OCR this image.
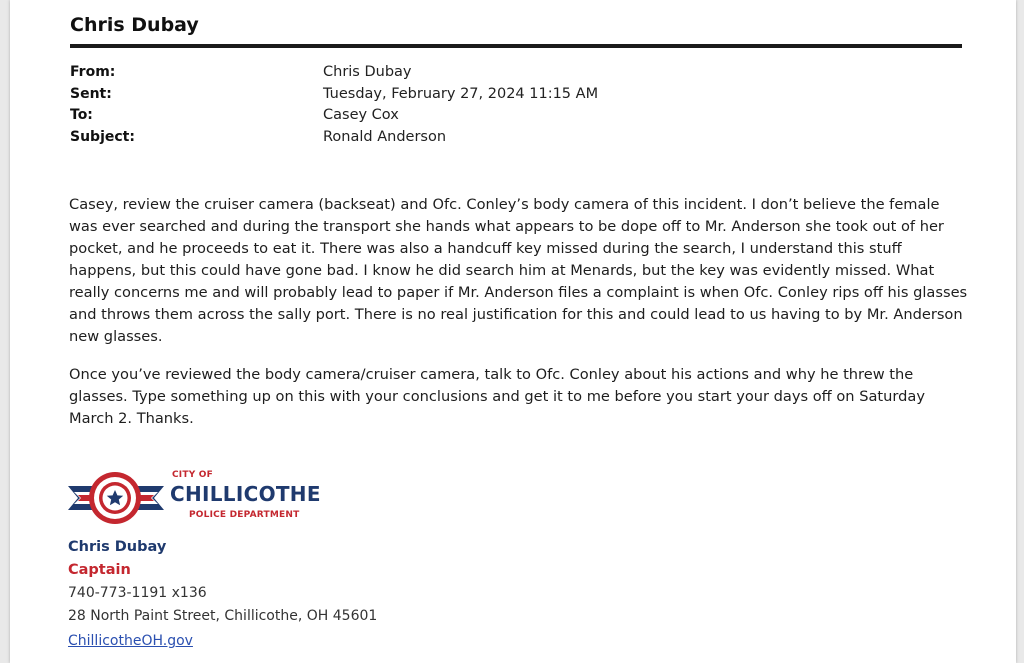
Chris Dubay
From:	Chris Dubay
Sent:	Tuesday, February 27, 2024 11:15 AM
To:	Casey Cox
Subject:	Ronald Anderson

Casey, review the cruiser camera (backseat) and Ofc. Conley’s body camera of this incident. I don’t believe the female was ever searched and during the transport she hands what appears to be dope off to Mr. Anderson she took out of her pocket, and he proceeds to eat it. There was also a handcuff key missed during the search, I understand this stuff happens, but this could have gone bad. I know he did search him at Menards, but the key was evidently missed. What really concerns me and will probably lead to paper if Mr. Anderson files a complaint is when Ofc. Conley rips off his glasses and throws them across the sally port. There is no real justification for this and could lead to us having to by Mr. Anderson new glasses.

Once you’ve reviewed the body camera/cruiser camera, talk to Ofc. Conley about his actions and why he threw the glasses. Type something up on this with your conclusions and get it to me before you start your days off on Saturday March 2. Thanks.

CITY OF
CHILLICOTHE
POLICE DEPARTMENT
Chris Dubay
Captain
740-773-1191 x136
28 North Paint Street, Chillicothe, OH 45601
ChillicotheOH.gov
